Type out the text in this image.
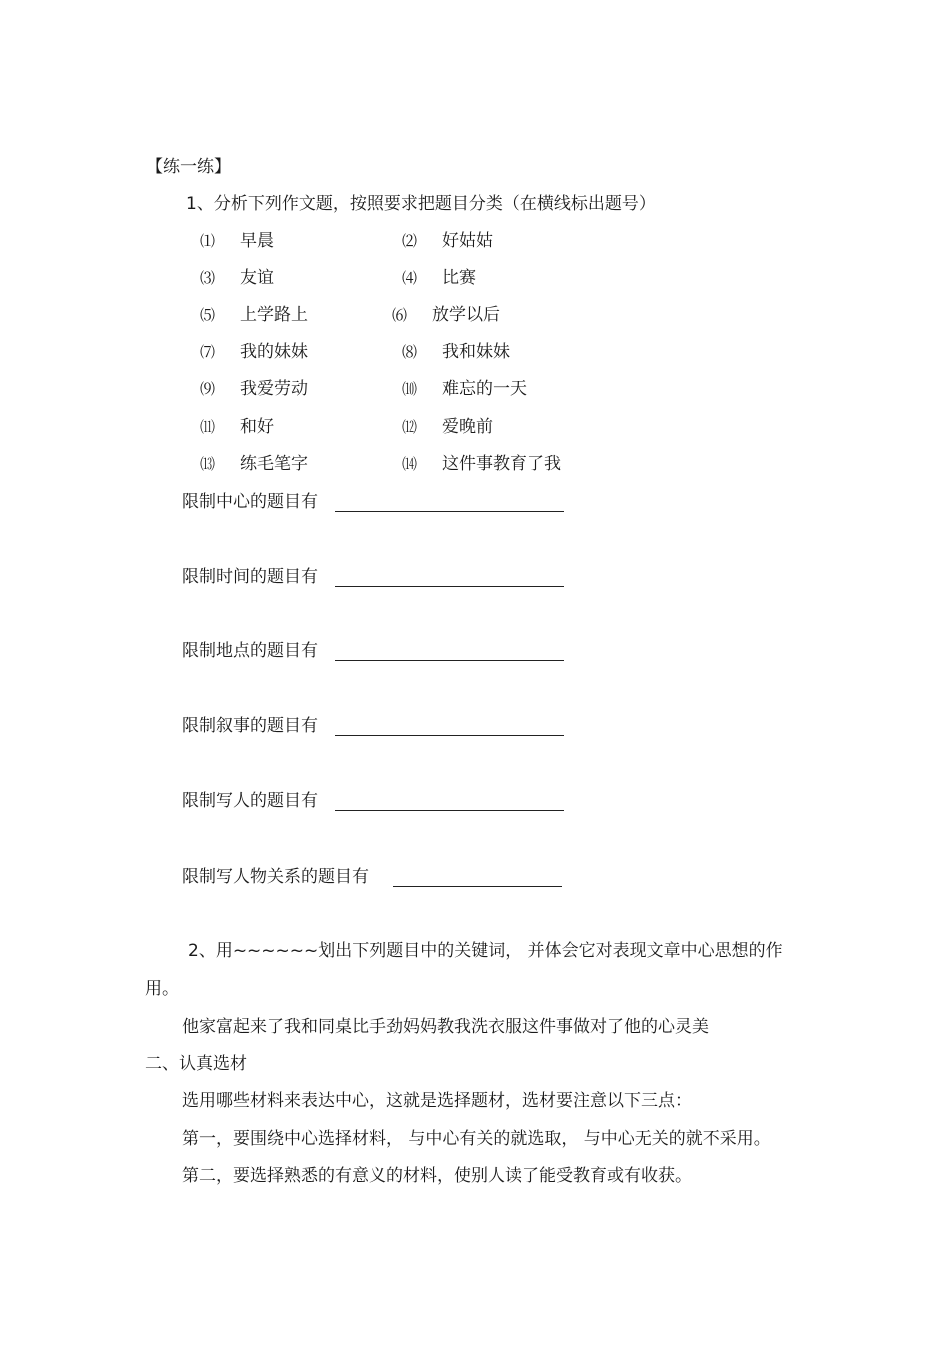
【练一练】
1、分析下列作文题，按照要求把题目分类（在横线标出题号）
⑴ 早晨	⑵ 好姑姑
⑶ 友谊	⑷ 比赛
⑸ 上学路上	⑹ 放学以后
⑺ 我的妹妹	⑻ 我和妹妹
⑼ 我爱劳动	⑽ 难忘的一天
⑾ 和好	⑿ 爱晚前
⒀ 练毛笔字	⒁ 这件事教育了我
限制中心的题目有
限制时间的题目有
限制地点的题目有
限制叙事的题目有
限制写人的题目有
限制写人物关系的题目有
2、用~~~~~~划出下列题目中的关键词， 并体会它对表现文章中心思想的作
用。
他家富起来了我和同桌比手劲妈妈教我洗衣服这件事做对了他的心灵美
二、认真选材
选用哪些材料来表达中心，这就是选择题材，选材要注意以下三点：
第一，要围绕中心选择材料， 与中心有关的就选取， 与中心无关的就不采用。
第二，要选择熟悉的有意义的材料，使别人读了能受教育或有收获。
